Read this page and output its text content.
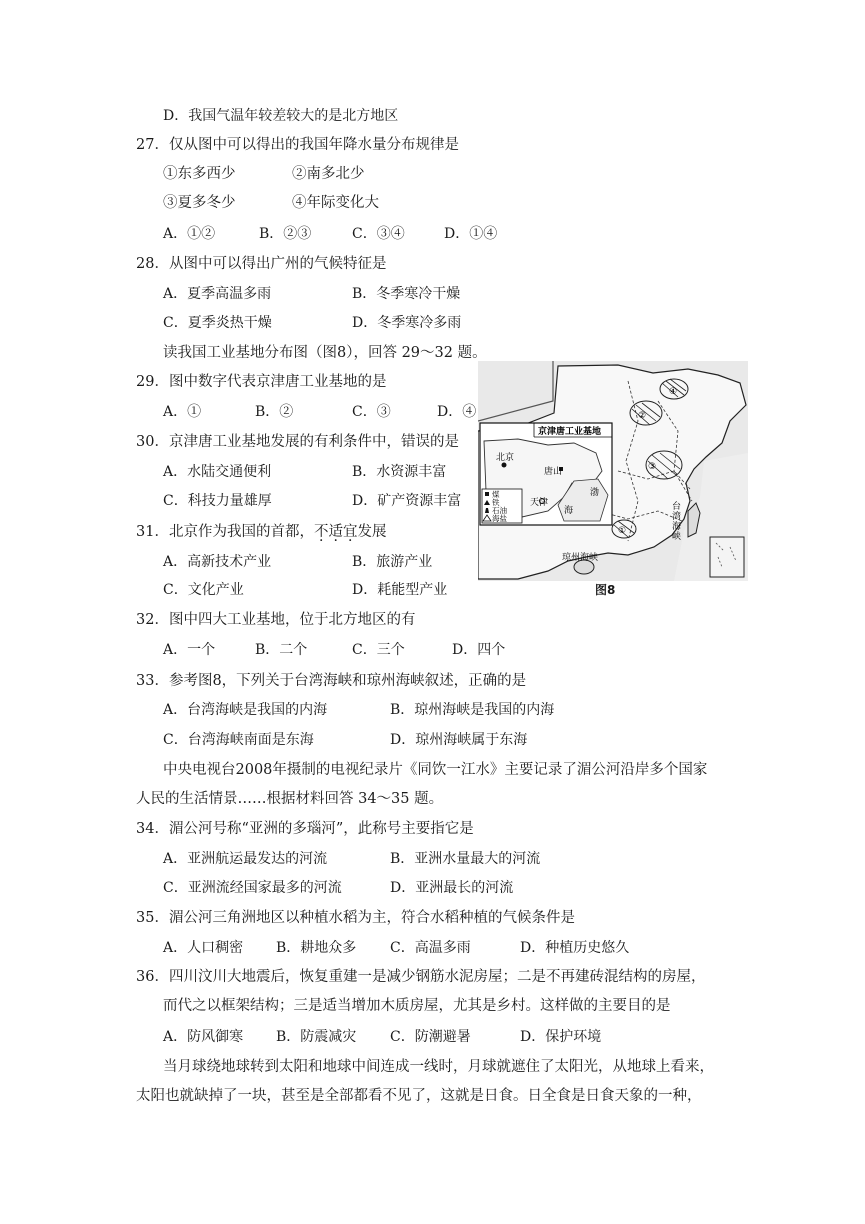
D．我国气温年较差较大的是北方地区
27．仅从图中可以得出的我国年降水量分布规律是
①东多西少	②南多北少
③夏多冬少	④年际变化大
A．①②	B．②③	C．③④	D．①④
28．从图中可以得出广州的气候特征是
A．夏季高温多雨	B．冬季寒冷干燥
C．夏季炎热干燥	D．冬季寒冷多雨
读我国工业基地分布图（图8），回答 29～32 题。
29．图中数字代表京津唐工业基地的是
A．①	B．②	C．③	D．④
30．京津唐工业基地发展的有利条件中，错误的是
A．水陆交通便利	B．水资源丰富
C．科技力量雄厚	D．矿产资源丰富
31．北京作为我国的首都，不适宜发展
A．高新技术产业	B．旅游产业
C．文化产业	D．耗能型产业
④
②
③
①
台
湾
海
峡
琼州海峡
京津唐工业基地
北京
唐山
天津
渤
海
煤
铁
石油
海盐
图8
32．图中四大工业基地，位于北方地区的有
A．一个	B．二个	C．三个	D．四个
33．参考图8，下列关于台湾海峡和琼州海峡叙述，正确的是
A．台湾海峡是我国的内海	B．琼州海峡是我国的内海
C．台湾海峡南面是东海	D．琼州海峡属于东海
中央电视台2008年摄制的电视纪录片《同饮一江水》主要记录了湄公河沿岸多个国家
人民的生活情景……根据材料回答 34～35 题。
34．湄公河号称“亚洲的多瑙河”，此称号主要指它是
A．亚洲航运最发达的河流	B．亚洲水量最大的河流
C．亚洲流经国家最多的河流	D．亚洲最长的河流
35．湄公河三角洲地区以种植水稻为主，符合水稻种植的气候条件是
A．人口稠密 B．耕地众多 C．高温多雨	D．种植历史悠久
36．四川汶川大地震后，恢复重建一是减少钢筋水泥房屋；二是不再建砖混结构的房屋，
而代之以框架结构；三是适当增加木质房屋，尤其是乡村。这样做的主要目的是
A．防风御寒 B．防震减灾 C．防潮避暑	D．保护环境
当月球绕地球转到太阳和地球中间连成一线时，月球就遮住了太阳光，从地球上看来，
太阳也就缺掉了一块，甚至是全部都看不见了，这就是日食。日全食是日食天象的一种，
